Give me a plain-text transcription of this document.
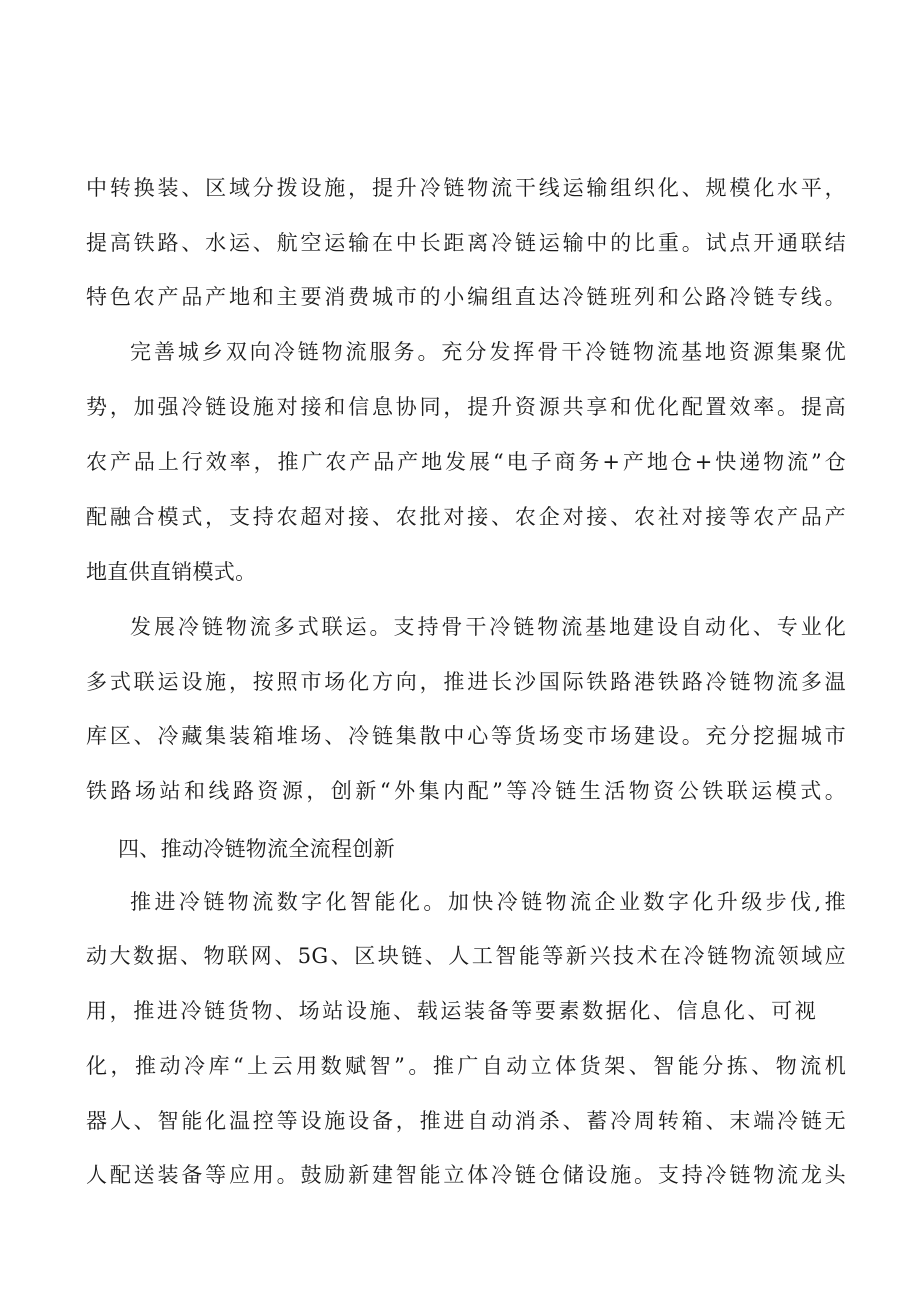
中转换装、区域分拨设施，提升冷链物流干线运输组织化、规模化水平，
提高铁路、水运、航空运输在中长距离冷链运输中的比重。试点开通联结
特色农产品产地和主要消费城市的小编组直达冷链班列和公路冷链专线。
完善城乡双向冷链物流服务。充分发挥骨干冷链物流基地资源集聚优
势，加强冷链设施对接和信息协同，提升资源共享和优化配置效率。提高
农产品上行效率，推广农产品产地发展“电子商务+产地仓+快递物流”仓
配融合模式，支持农超对接、农批对接、农企对接、农社对接等农产品产
地直供直销模式。
发展冷链物流多式联运。支持骨干冷链物流基地建设自动化、专业化
多式联运设施，按照市场化方向，推进长沙国际铁路港铁路冷链物流多温
库区、冷藏集装箱堆场、冷链集散中心等货场变市场建设。充分挖掘城市
铁路场站和线路资源，创新“外集内配”等冷链生活物资公铁联运模式。
四、推动冷链物流全流程创新
推进冷链物流数字化智能化。加快冷链物流企业数字化升级步伐,推
动大数据、物联网、5G、区块链、人工智能等新兴技术在冷链物流领域应
用，推进冷链货物、场站设施、载运装备等要素数据化、信息化、可视
化，推动冷库“上云用数赋智”。推广自动立体货架、智能分拣、物流机
器人、智能化温控等设施设备，推进自动消杀、蓄冷周转箱、末端冷链无
人配送装备等应用。鼓励新建智能立体冷链仓储设施。支持冷链物流龙头
